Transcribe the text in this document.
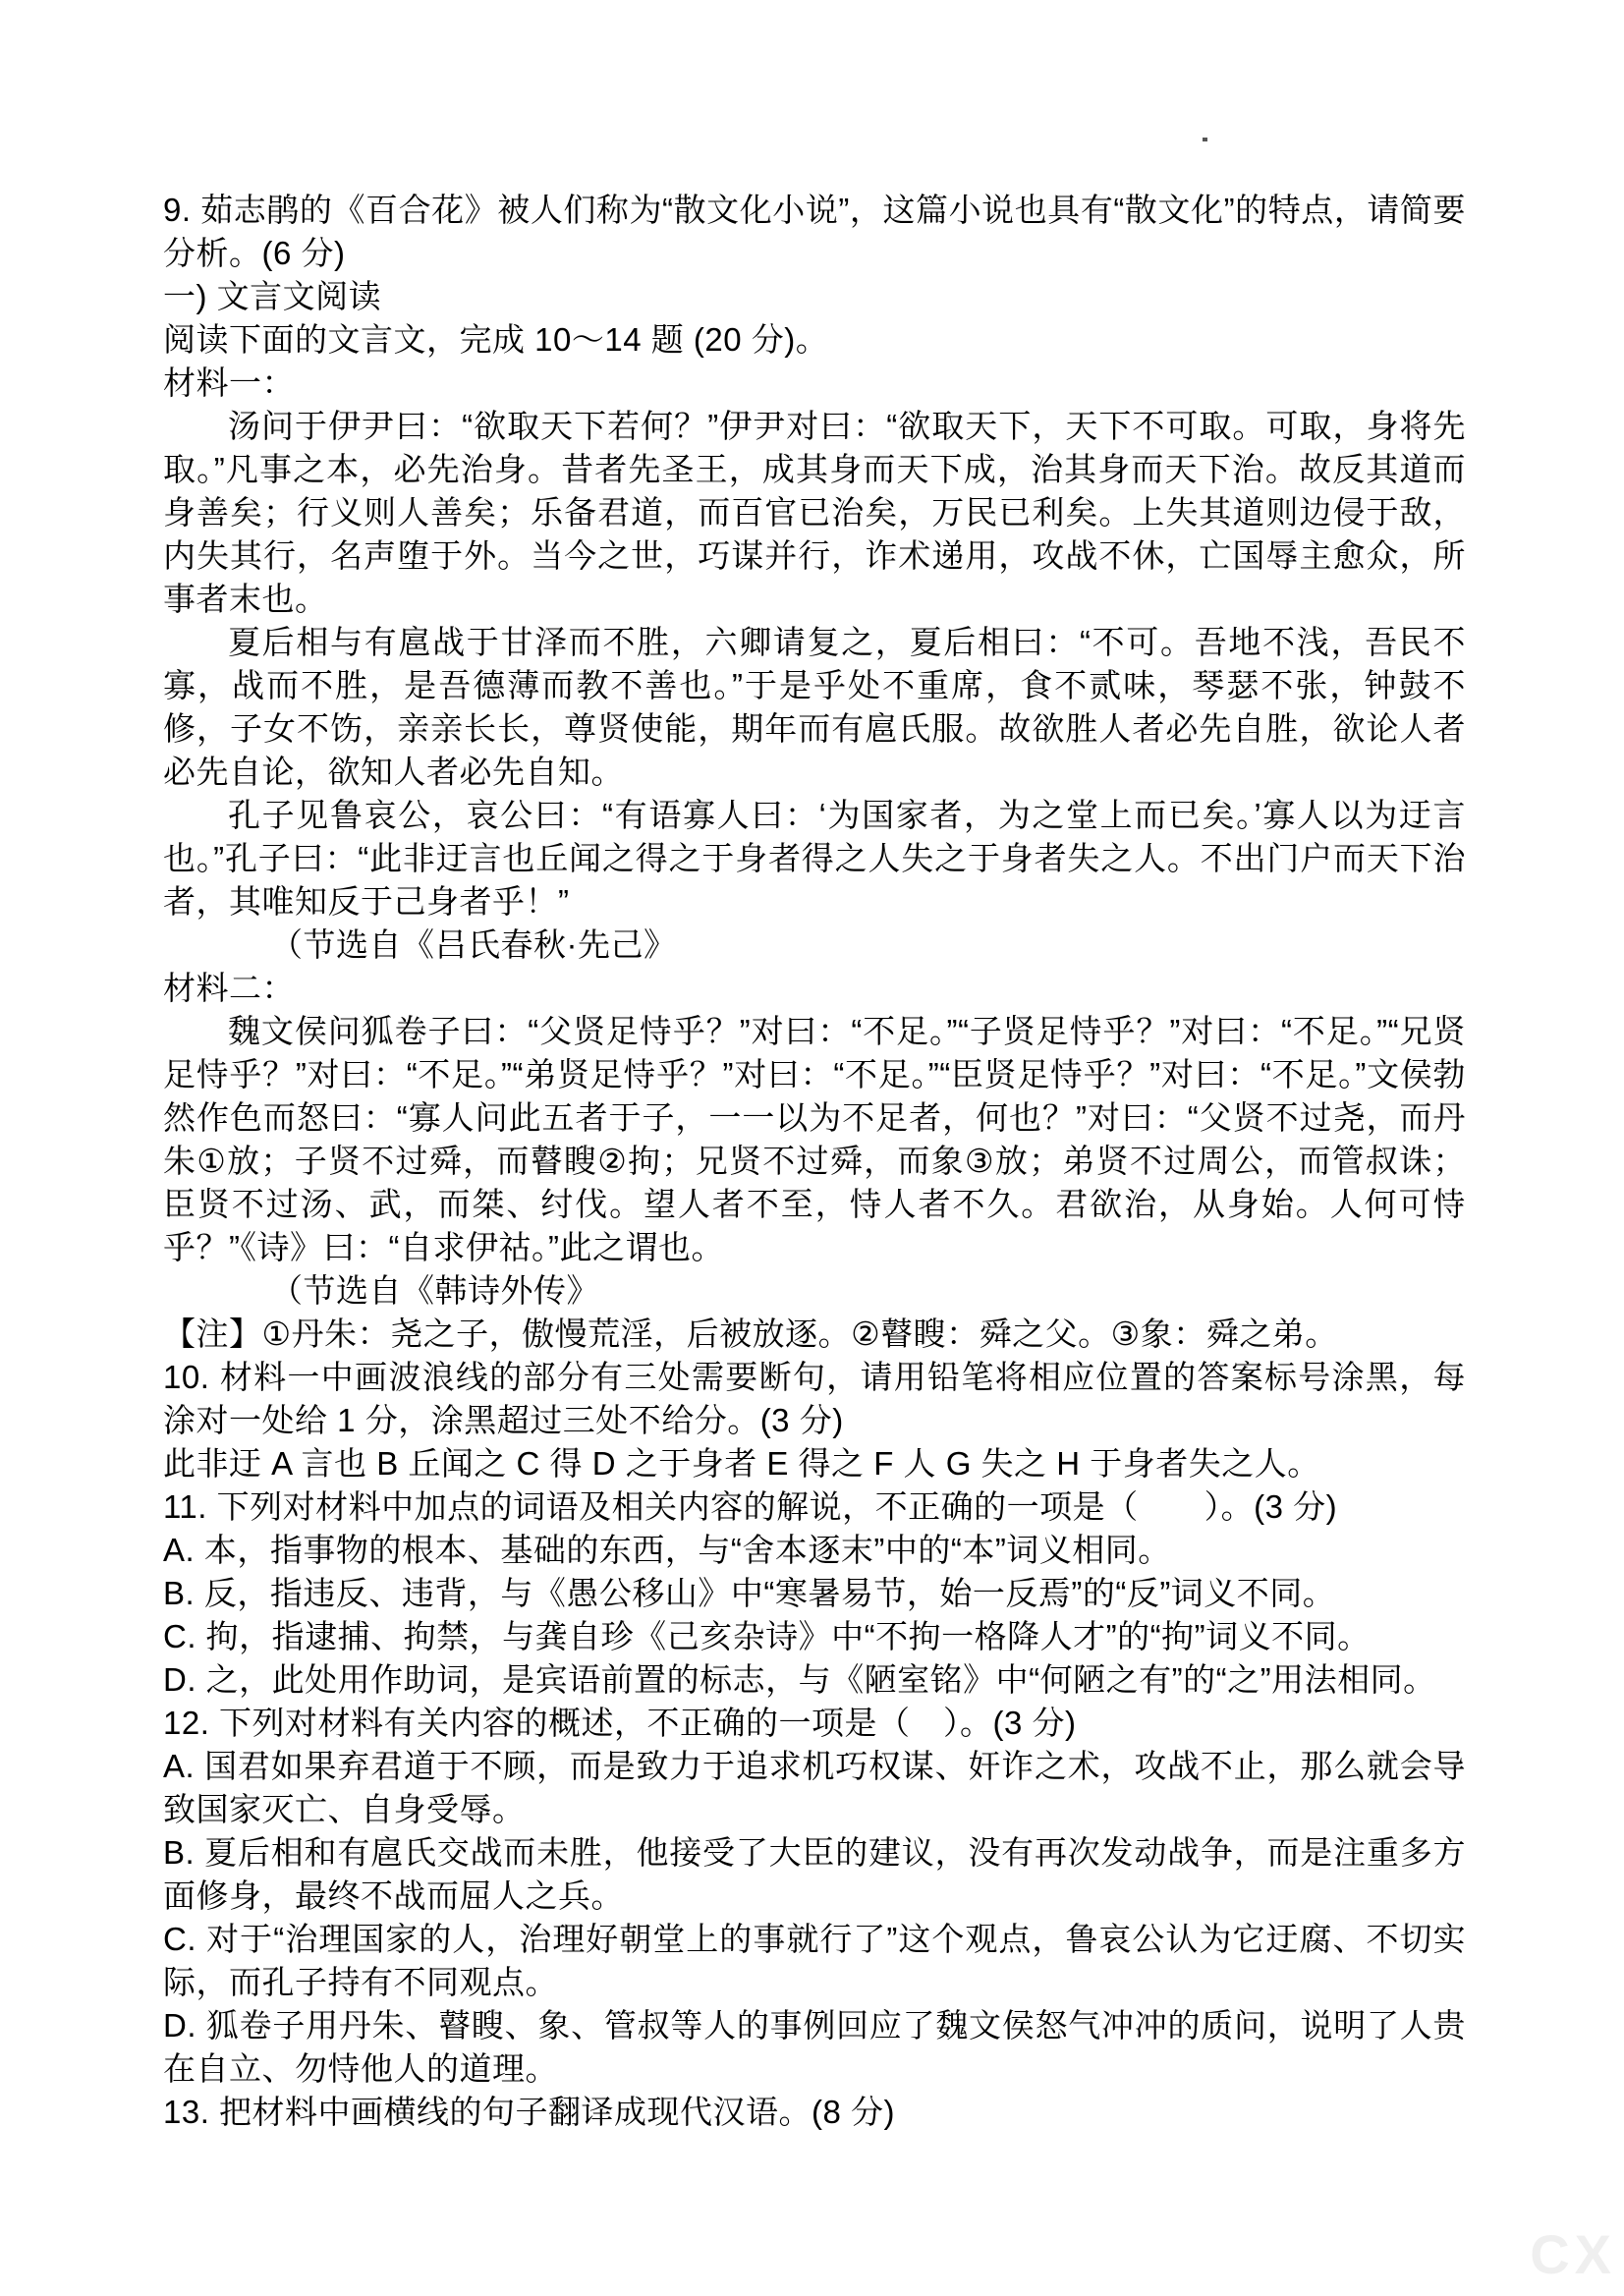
9. 茹志鹃的《百合花》被人们称为“散文化小说”，这篇小说也具有“散文化”的特点，请简要分析。(6 分)

一) 文言文阅读

阅读下面的文言文，完成 10～14 题 (20 分)。

材料一：

汤问于伊尹曰：“欲取天下若何？”伊尹对曰：“欲取天下，天下不可取。可取，身将先取。”凡事之本，必先治身。昔者先圣王，成其身而天下成，治其身而天下治。故反其道而身善矣；行义则人善矣；乐备君道，而百官已治矣，万民已利矣。上失其道则边侵于敌，内失其行，名声堕于外。当今之世，巧谋并行，诈术递用，攻战不休，亡国辱主愈众，所事者末也。

夏后相与有扈战于甘泽而不胜，六卿请复之，夏后相曰：“不可。吾地不浅，吾民不寡，战而不胜，是吾德薄而教不善也。”于是乎处不重席，食不贰味，琴瑟不张，钟鼓不修，子女不饬，亲亲长长，尊贤使能，期年而有扈氏服。故欲胜人者必先自胜，欲论人者必先自论，欲知人者必先自知。

孔子见鲁哀公，哀公曰：“有语寡人曰：‘为国家者，为之堂上而已矣。’寡人以为迂言也。”孔子曰：“此非迂言也丘闻之得之于身者得之人失之于身者失之人。不出门户而天下治者，其唯知反于己身者乎！”

（节选自《吕氏春秋·先己》

材料二：

魏文侯问狐卷子曰：“父贤足恃乎？”对曰：“不足。”“子贤足恃乎？”对曰：“不足。”“兄贤足恃乎？”对曰：“不足。”“弟贤足恃乎？”对曰：“不足。”“臣贤足恃乎？”对曰：“不足。”文侯勃然作色而怒曰：“寡人问此五者于子，一一以为不足者，何也？”对曰：“父贤不过尧，而丹朱①放；子贤不过舜，而瞽瞍②拘；兄贤不过舜，而象③放；弟贤不过周公，而管叔诛；臣贤不过汤、武，而桀、纣伐。望人者不至，恃人者不久。君欲治，从身始。人何可恃乎？”《诗》曰：“自求伊祜。”此之谓也。

（节选自《韩诗外传》

【注】①丹朱：尧之子，傲慢荒淫，后被放逐。②瞽瞍：舜之父。③象：舜之弟。

10. 材料一中画波浪线的部分有三处需要断句，请用铅笔将相应位置的答案标号涂黑，每涂对一处给 1 分，涂黑超过三处不给分。(3 分)

此非迂 A 言也 B 丘闻之 C 得 D 之于身者 E 得之 F 人 G 失之 H 于身者失之人。

11. 下列对材料中加点的词语及相关内容的解说，不正确的一项是（　　）。(3 分)

A. 本，指事物的根本、基础的东西，与“舍本逐末”中的“本”词义相同。

B. 反，指违反、违背，与《愚公移山》中“寒暑易节，始一反焉”的“反”词义不同。

C. 拘，指逮捕、拘禁，与龚自珍《己亥杂诗》中“不拘一格降人才”的“拘”词义不同。

D. 之，此处用作助词，是宾语前置的标志，与《陋室铭》中“何陋之有”的“之”用法相同。

12. 下列对材料有关内容的概述，不正确的一项是（　）。(3 分)

A. 国君如果弃君道于不顾，而是致力于追求机巧权谋、奸诈之术，攻战不止，那么就会导致国家灭亡、自身受辱。

B. 夏后相和有扈氏交战而未胜，他接受了大臣的建议，没有再次发动战争，而是注重多方面修身，最终不战而屈人之兵。

C. 对于“治理国家的人，治理好朝堂上的事就行了”这个观点，鲁哀公认为它迂腐、不切实际，而孔子持有不同观点。

D. 狐卷子用丹朱、瞽瞍、象、管叔等人的事例回应了魏文侯怒气冲冲的质问，说明了人贵在自立、勿恃他人的道理。

13. 把材料中画横线的句子翻译成现代汉语。(8 分)

CX
